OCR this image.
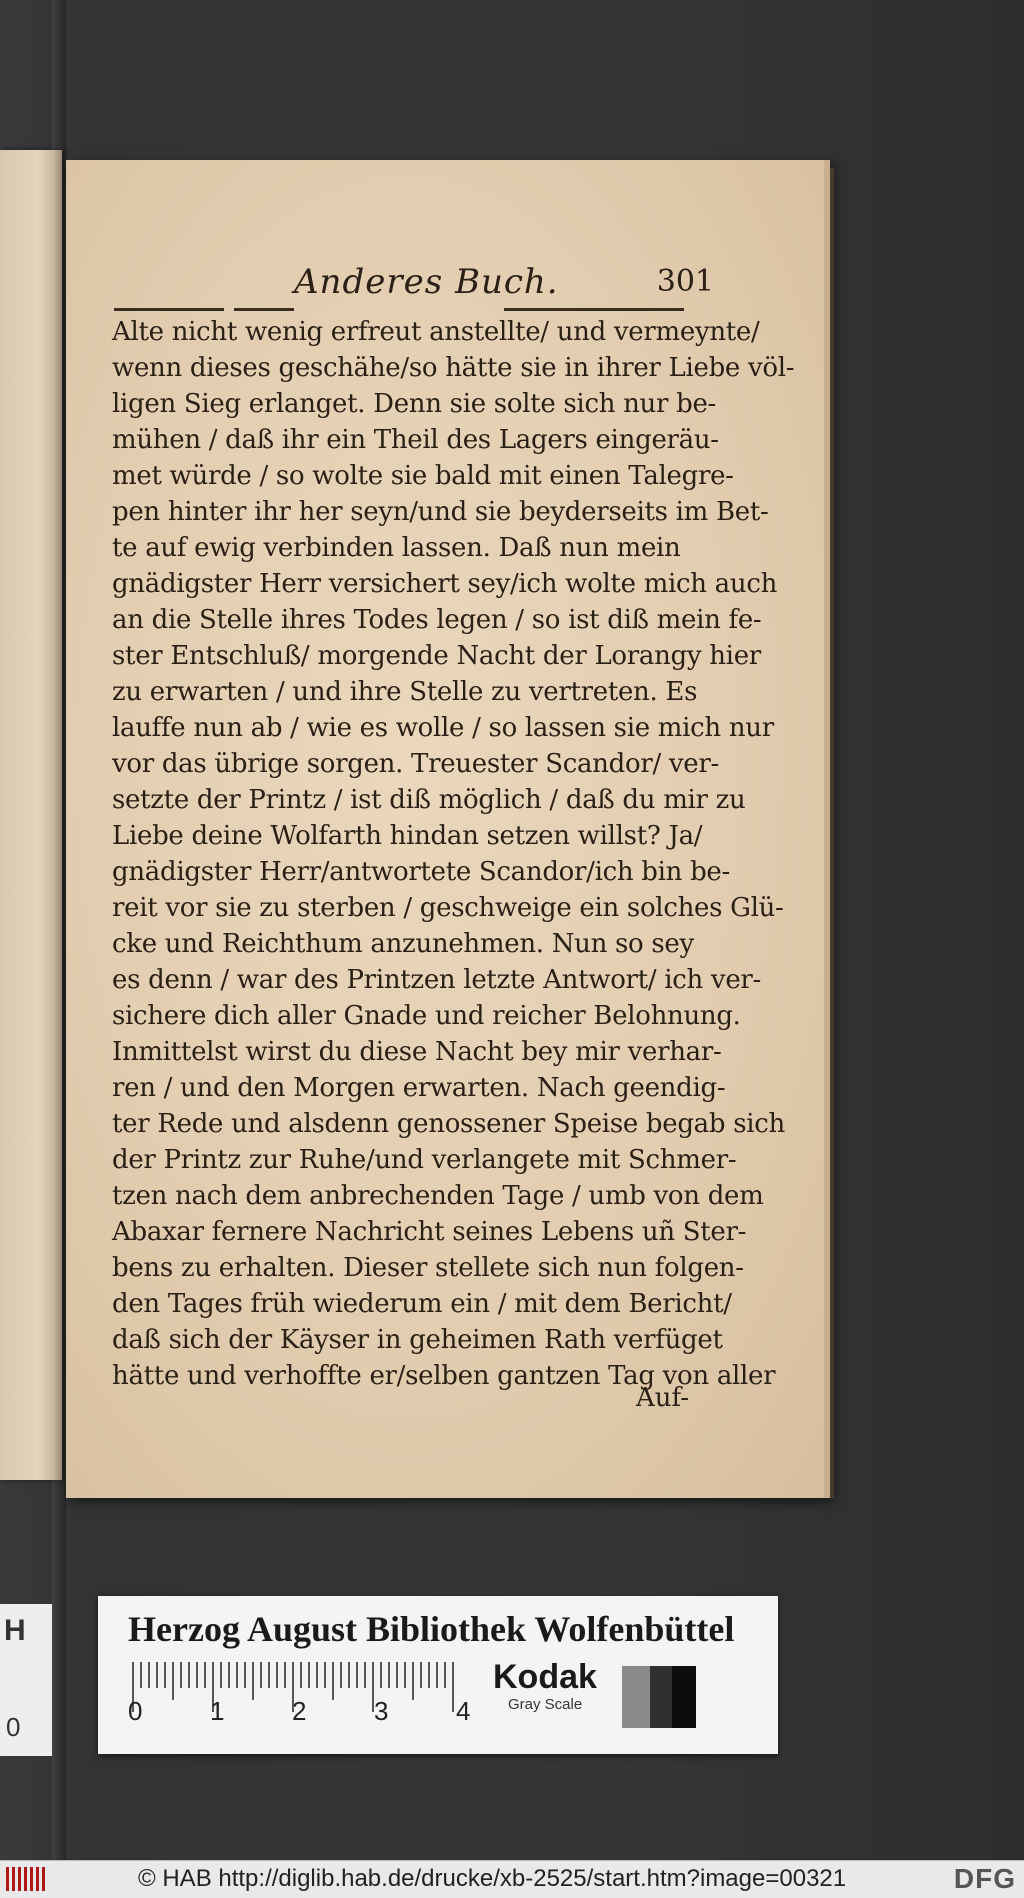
H
0
Anderes Buch.	301
Alte nicht wenig erfreut anstellte/ und vermeynte/
wenn dieses geschähe/so hätte sie in ihrer Liebe völ-
ligen Sieg erlanget. Denn sie solte sich nur be-
mühen / daß ihr ein Theil des Lagers eingeräu-
met würde / so wolte sie bald mit einen Talegre-
pen hinter ihr her seyn/und sie beyderseits im Bet-
te auf ewig verbinden lassen. Daß nun mein
gnädigster Herr versichert sey/ich wolte mich auch
an die Stelle ihres Todes legen / so ist diß mein fe-
ster Entschluß/ morgende Nacht der Lorangy hier
zu erwarten / und ihre Stelle zu vertreten. Es
lauffe nun ab / wie es wolle / so lassen sie mich nur
vor das übrige sorgen. Treuester Scandor/ ver-
setzte der Printz / ist diß möglich / daß du mir zu
Liebe deine Wolfarth hindan setzen willst? Ja/
gnädigster Herr/antwortete Scandor/ich bin be-
reit vor sie zu sterben / geschweige ein solches Glü-
cke und Reichthum anzunehmen. Nun so sey
es denn / war des Printzen letzte Antwort/ ich ver-
sichere dich aller Gnade und reicher Belohnung.
Inmittelst wirst du diese Nacht bey mir verhar-
ren / und den Morgen erwarten. Nach geendig-
ter Rede und alsdenn genossener Speise begab sich
der Printz zur Ruhe/und verlangete mit Schmer-
tzen nach dem anbrechenden Tage / umb von dem
Abaxar fernere Nachricht seines Lebens uñ Ster-
bens zu erhalten. Dieser stellete sich nun folgen-
den Tages früh wiederum ein / mit dem Bericht/
daß sich der Käyser in geheimen Rath verfüget
hätte und verhoffte er/selben gantzen Tag von aller
Auf-
Herzog August Bibliothek Wolfenbüttel
Kodak
Gray Scale
0	1	2	3	4
© HAB http://diglib.hab.de/drucke/xb-2525/start.htm?image=00321	DFG
